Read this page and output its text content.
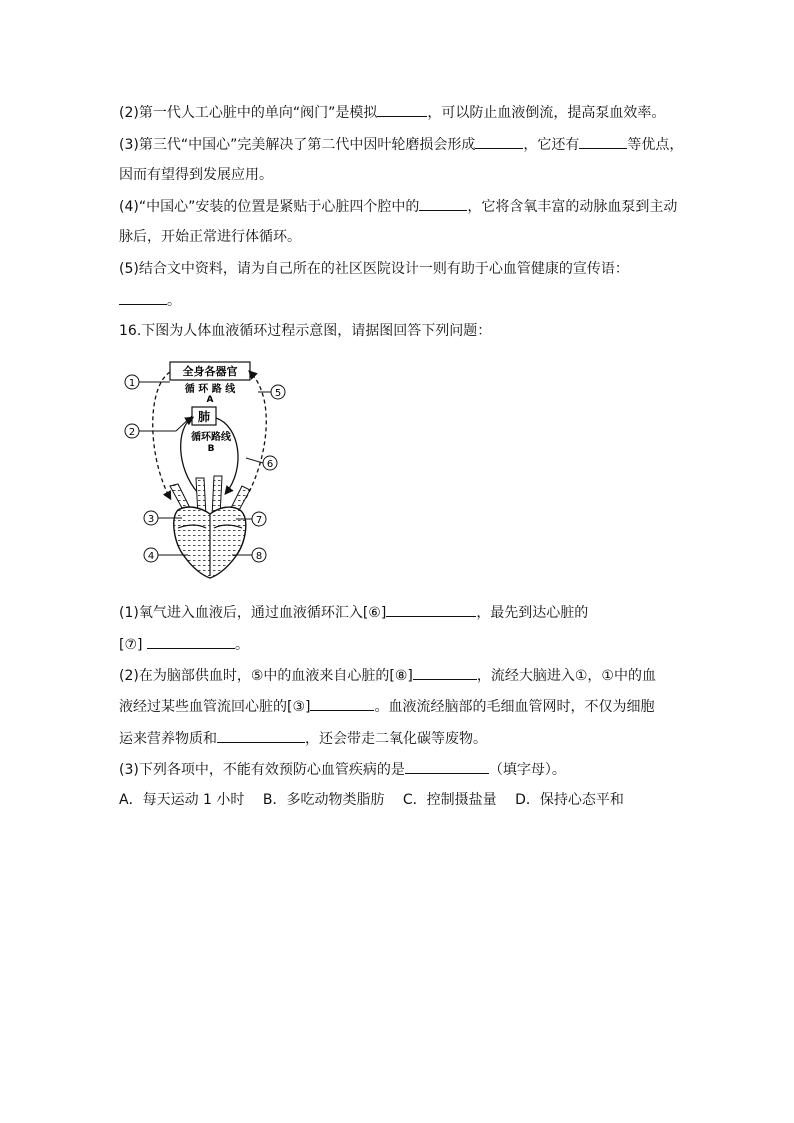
(2)第一代人工心脏中的单向“阀门”是模拟	，可以防止血液倒流，提高泵血效率。
(3)第三代“中国心”完美解决了第二代中因叶轮磨损会形成	，它还有	等优点，
因而有望得到发展应用。
(4)“中国心”安装的位置是紧贴于心脏四个腔中的	，它将含氧丰富的动脉血泵到主动
脉后，开始正常进行体循环。
(5)结合文中资料，请为自己所在的社区医院设计一则有助于心血管健康的宣传语：
。
16.下图为人体血液循环过程示意图，请据图回答下列问题：
全身各器官
循 环 路 线
A
肺
循环路线
B
1
2
3
4
5
6
7
8
(1)氧气进入血液后，通过血液循环汇入[⑥]	，最先到达心脏的
[⑦]	。
(2)在为脑部供血时，⑤中的血液来自心脏的[⑧]	，流经大脑进入①，①中的血
液经过某些血管流回心脏的[③]	。血液流经脑部的毛细血管网时，不仅为细胞
运来营养物质和	，还会带走二氧化碳等废物。
(3)下列各项中，不能有效预防心血管疾病的是	（填字母）。
A．每天运动 1 小时　 B．多吃动物类脂肪　 C．控制摄盐量　 D．保持心态平和
